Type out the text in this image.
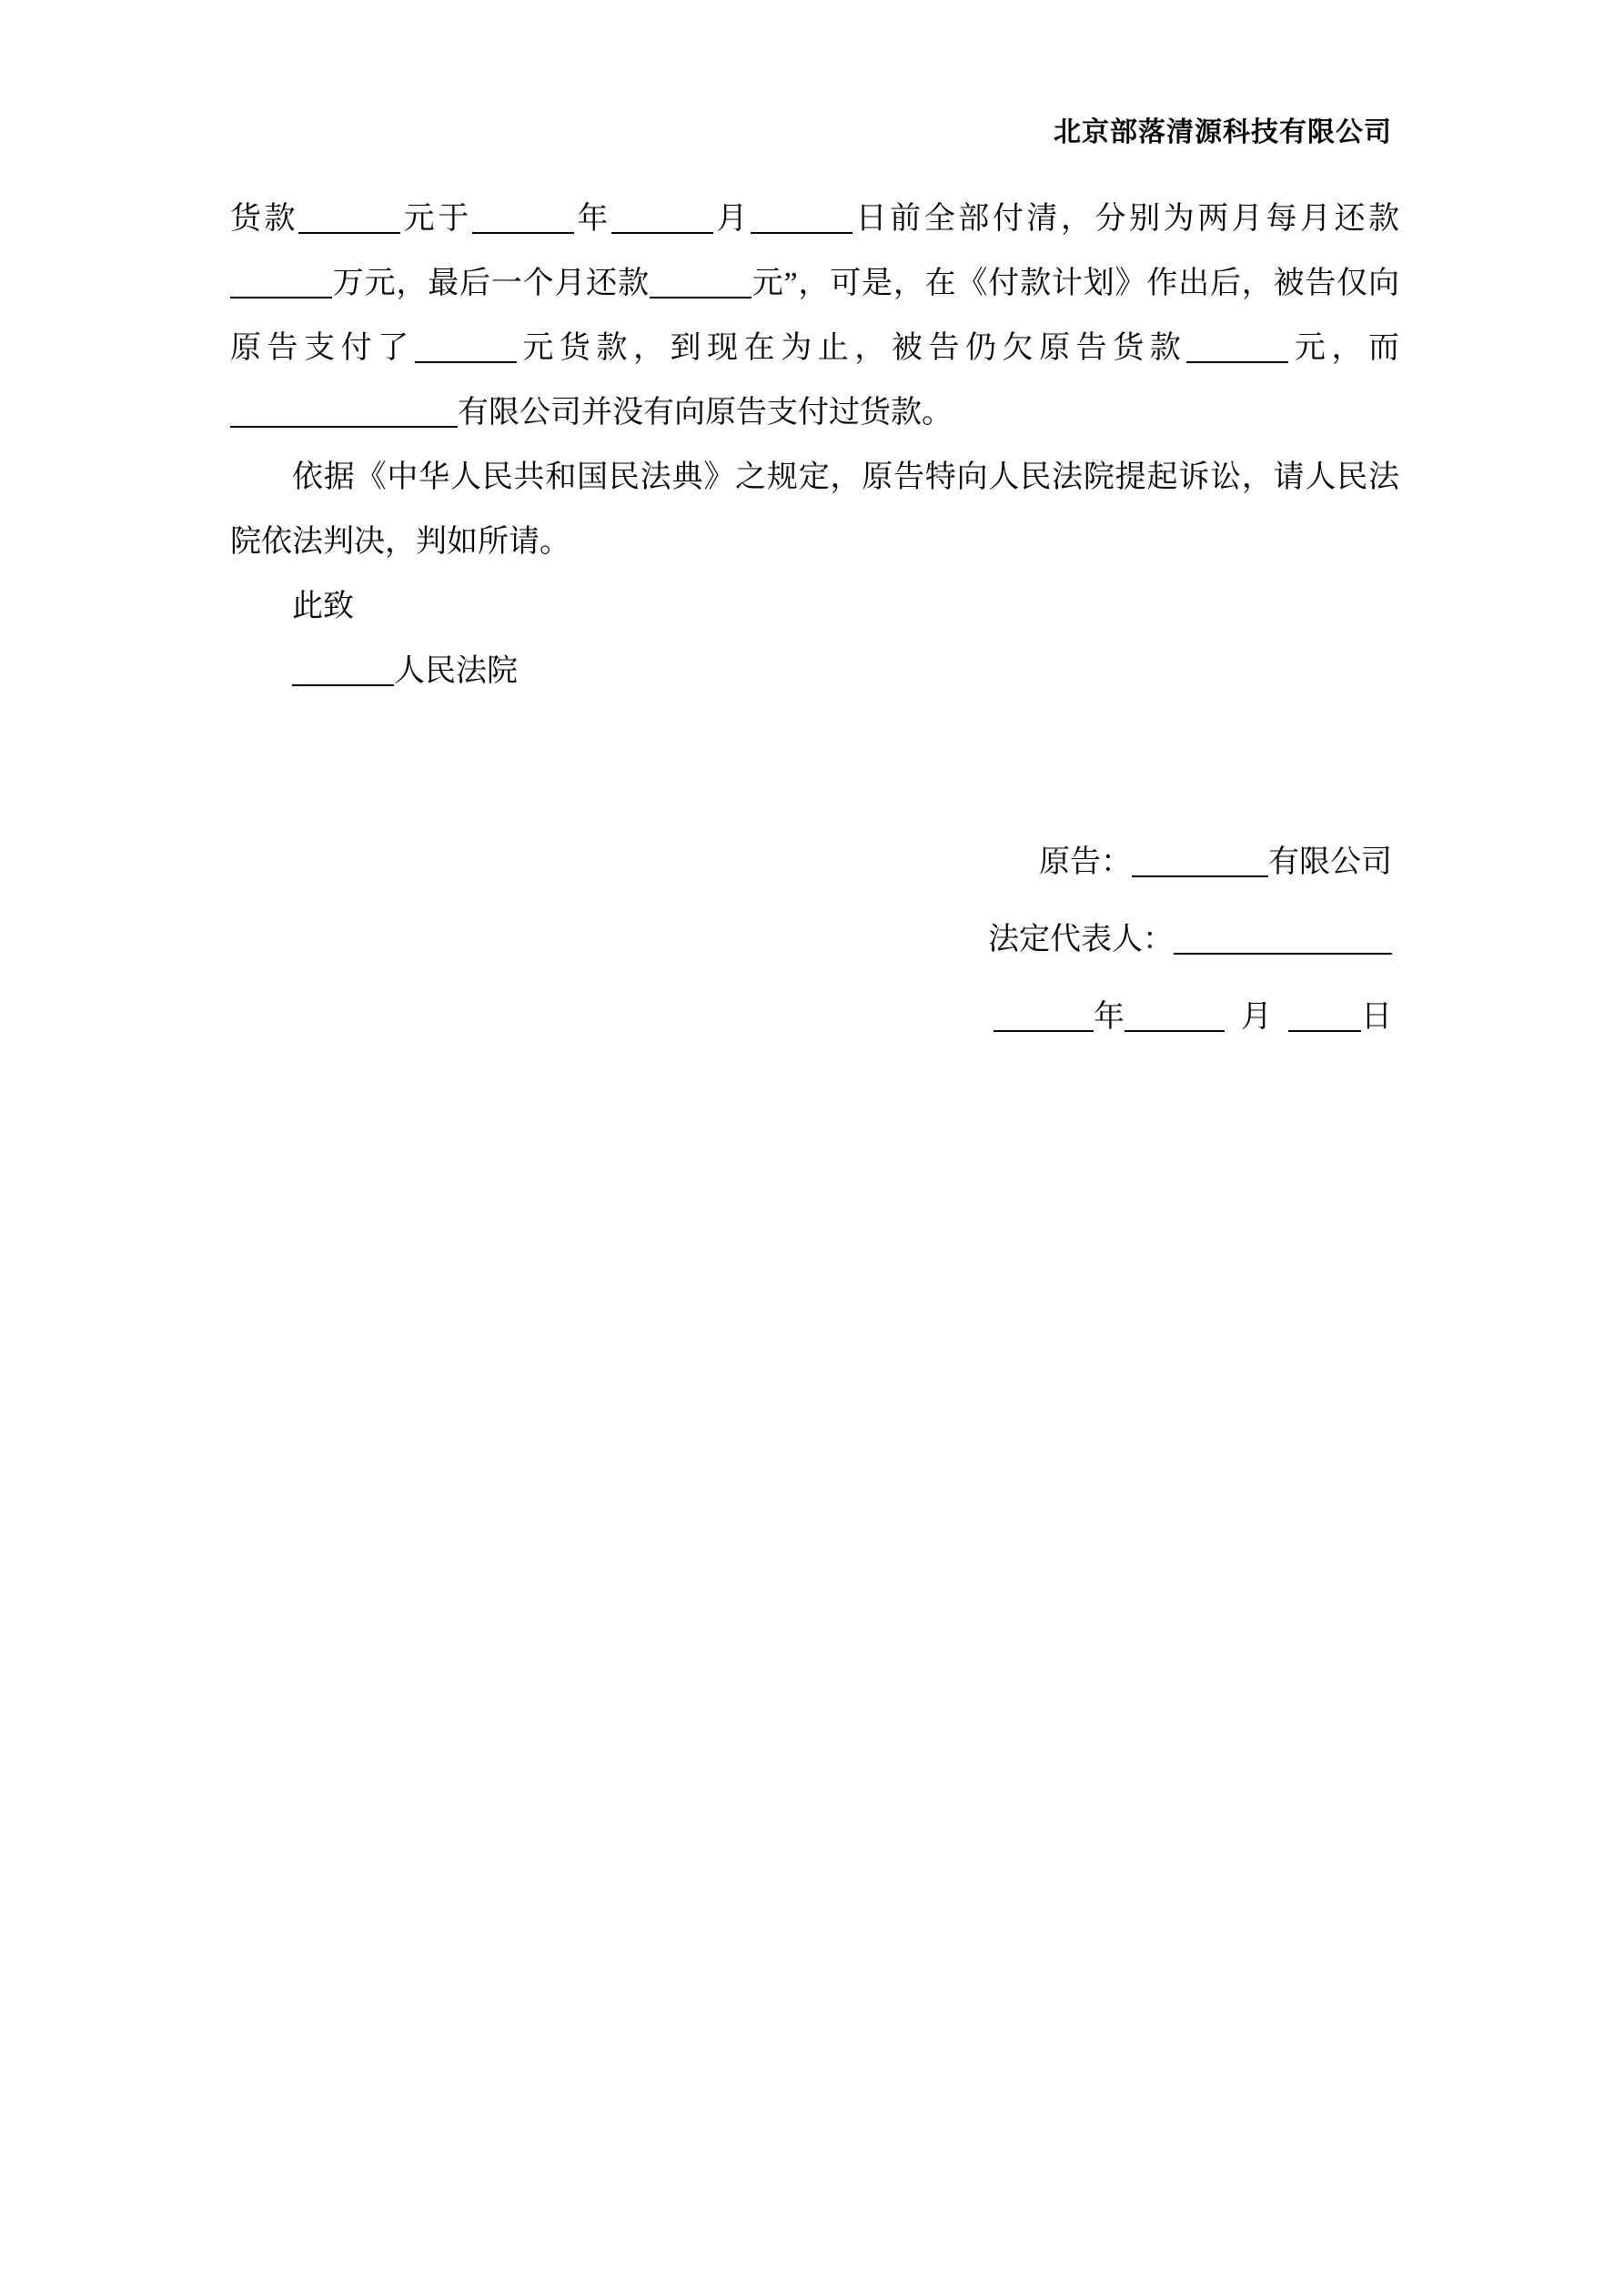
北京部落清源科技有限公司

货款	元于	年	月	日前全部付清，分别为两月每月还款万元，最后一个月还款	元”，可是，在《付款计划》作出后，被告仅向原告支付了	元货款，到现在为止，被告仍欠原告货款	元，而有限公司并没有向原告支付过货款。

依据《中华人民共和国民法典》之规定，原告特向人民法院提起诉讼，请人民法院依法判决，判如所请。

此致

人民法院

原告：	有限公司
法定代表人：
年	月	日
